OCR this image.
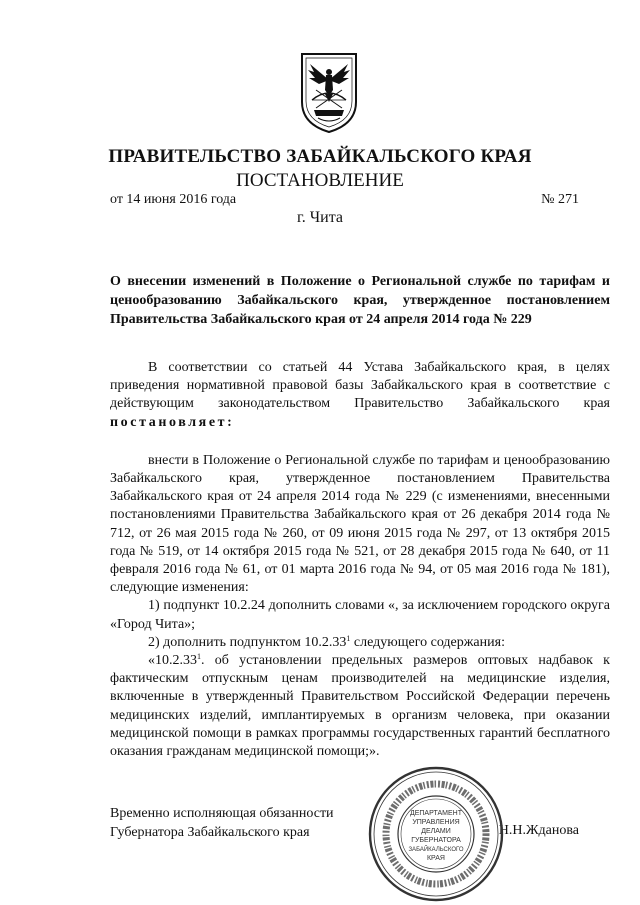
ПРАВИТЕЛЬСТВО ЗАБАЙКАЛЬСКОГО КРАЯ
ПОСТАНОВЛЕНИЕ
от 14 июня 2016 года	№ 271
г. Чита
О внесении изменений в Положение о Региональной службе по тарифам и ценообразованию Забайкальского края, утвержденное постановлением Правительства Забайкальского края от 24 апреля 2014 года № 229

В соответствии со статьей 44 Устава Забайкальского края, в целях приведения нормативной правовой базы Забайкальского края в соответствие с действующим законодательством Правительство Забайкальского края постановляет:

внести в Положение о Региональной службе по тарифам и ценообразованию Забайкальского края, утвержденное постановлением Правительства Забайкальского края от 24 апреля 2014 года № 229 (с изменениями, внесенными постановлениями Правительства Забайкальского края от 26 декабря 2014 года № 712, от 26 мая 2015 года № 260, от 09 июня 2015 года № 297, от 13 октября 2015 года № 519, от 14 октября 2015 года № 521, от 28 декабря 2015 года № 640, от 11 февраля 2016 года № 61, от 01 марта 2016 года № 94, от 05 мая 2016 года № 181), следующие изменения:

1) подпункт 10.2.24 дополнить словами «, за исключением городского округа «Город Чита»;

2) дополнить подпунктом 10.2.33$^1$ следующего содержания:

«10.2.33$^1$. об установлении предельных размеров оптовых надбавок к фактическим отпускным ценам производителей на медицинские изделия, включенные в утвержденный Правительством Российской Федерации перечень медицинских изделий, имплантируемых в организм человека, при оказании медицинской помощи в рамках программы государственных гарантий бесплатного оказания гражданам медицинской помощи;».

Временно исполняющая обязанности
Губернатора Забайкальского края	Н.Н.Жданова
ДЕПАРТАМЕНТ
УПРАВЛЕНИЯ
ДЕЛАМИ
ГУБЕРНАТОРА
ЗАБАЙКАЛЬСКОГО
КРАЯ
